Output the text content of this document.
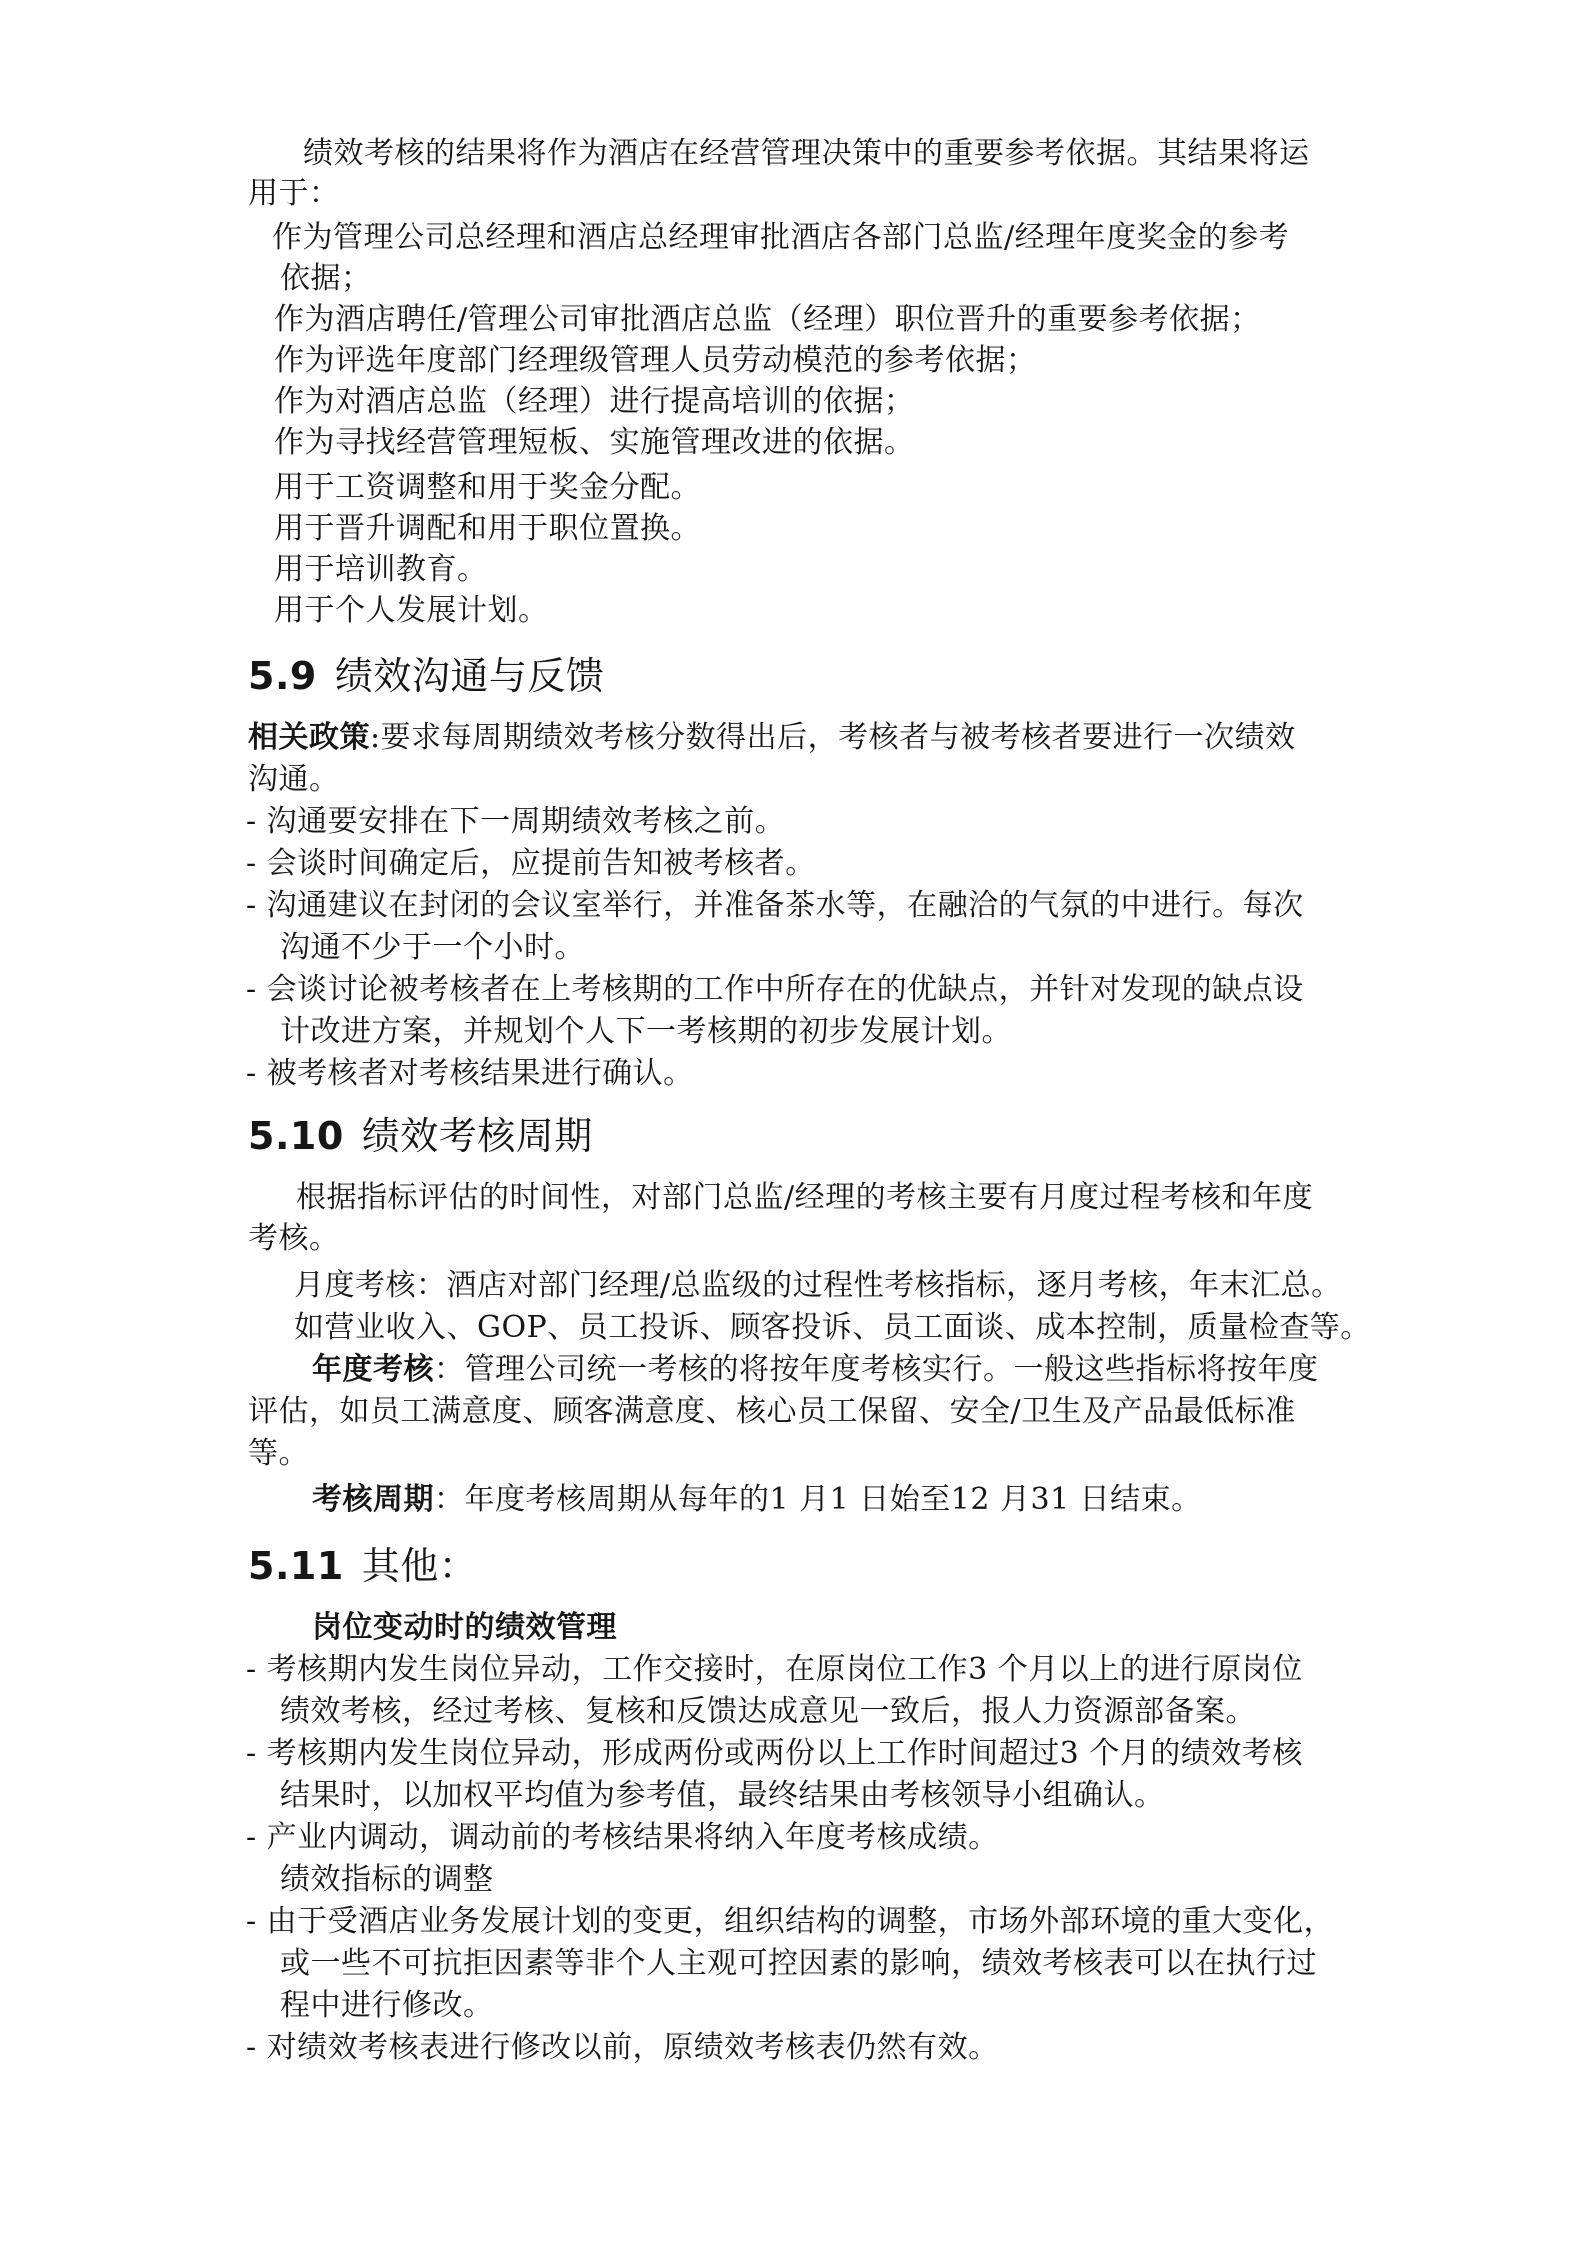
绩效考核的结果将作为酒店在经营管理决策中的重要参考依据。其结果将运
用于：
作为管理公司总经理和酒店总经理审批酒店各部门总监/经理年度奖金的参考
依据；
作为酒店聘任/管理公司审批酒店总监（经理）职位晋升的重要参考依据；
作为评选年度部门经理级管理人员劳动模范的参考依据；
作为对酒店总监（经理）进行提高培训的依据；
作为寻找经营管理短板、实施管理改进的依据。
用于工资调整和用于奖金分配。
用于晋升调配和用于职位置换。
用于培训教育。
用于个人发展计划。
5.9 绩效沟通与反馈
相关政策:要求每周期绩效考核分数得出后，考核者与被考核者要进行一次绩效
沟通。
- 沟通要安排在下一周期绩效考核之前。
- 会谈时间确定后，应提前告知被考核者。
- 沟通建议在封闭的会议室举行，并准备茶水等，在融洽的气氛的中进行。每次
沟通不少于一个小时。
- 会谈讨论被考核者在上考核期的工作中所存在的优缺点，并针对发现的缺点设
计改进方案，并规划个人下一考核期的初步发展计划。
- 被考核者对考核结果进行确认。
5.10 绩效考核周期
根据指标评估的时间性，对部门总监/经理的考核主要有月度过程考核和年度
考核。
月度考核：酒店对部门经理/总监级的过程性考核指标，逐月考核，年末汇总。
如营业收入、GOP、员工投诉、顾客投诉、员工面谈、成本控制，质量检查等。
年度考核：管理公司统一考核的将按年度考核实行。一般这些指标将按年度
评估，如员工满意度、顾客满意度、核心员工保留、安全/卫生及产品最低标准
等。
考核周期：年度考核周期从每年的1 月1 日始至12 月31 日结束。
5.11 其他：
岗位变动时的绩效管理
- 考核期内发生岗位异动，工作交接时，在原岗位工作3 个月以上的进行原岗位
绩效考核，经过考核、复核和反馈达成意见一致后，报人力资源部备案。
- 考核期内发生岗位异动，形成两份或两份以上工作时间超过3 个月的绩效考核
结果时，以加权平均值为参考值，最终结果由考核领导小组确认。
- 产业内调动，调动前的考核结果将纳入年度考核成绩。
绩效指标的调整
- 由于受酒店业务发展计划的变更，组织结构的调整，市场外部环境的重大变化，
或一些不可抗拒因素等非个人主观可控因素的影响，绩效考核表可以在执行过
程中进行修改。
- 对绩效考核表进行修改以前，原绩效考核表仍然有效。
